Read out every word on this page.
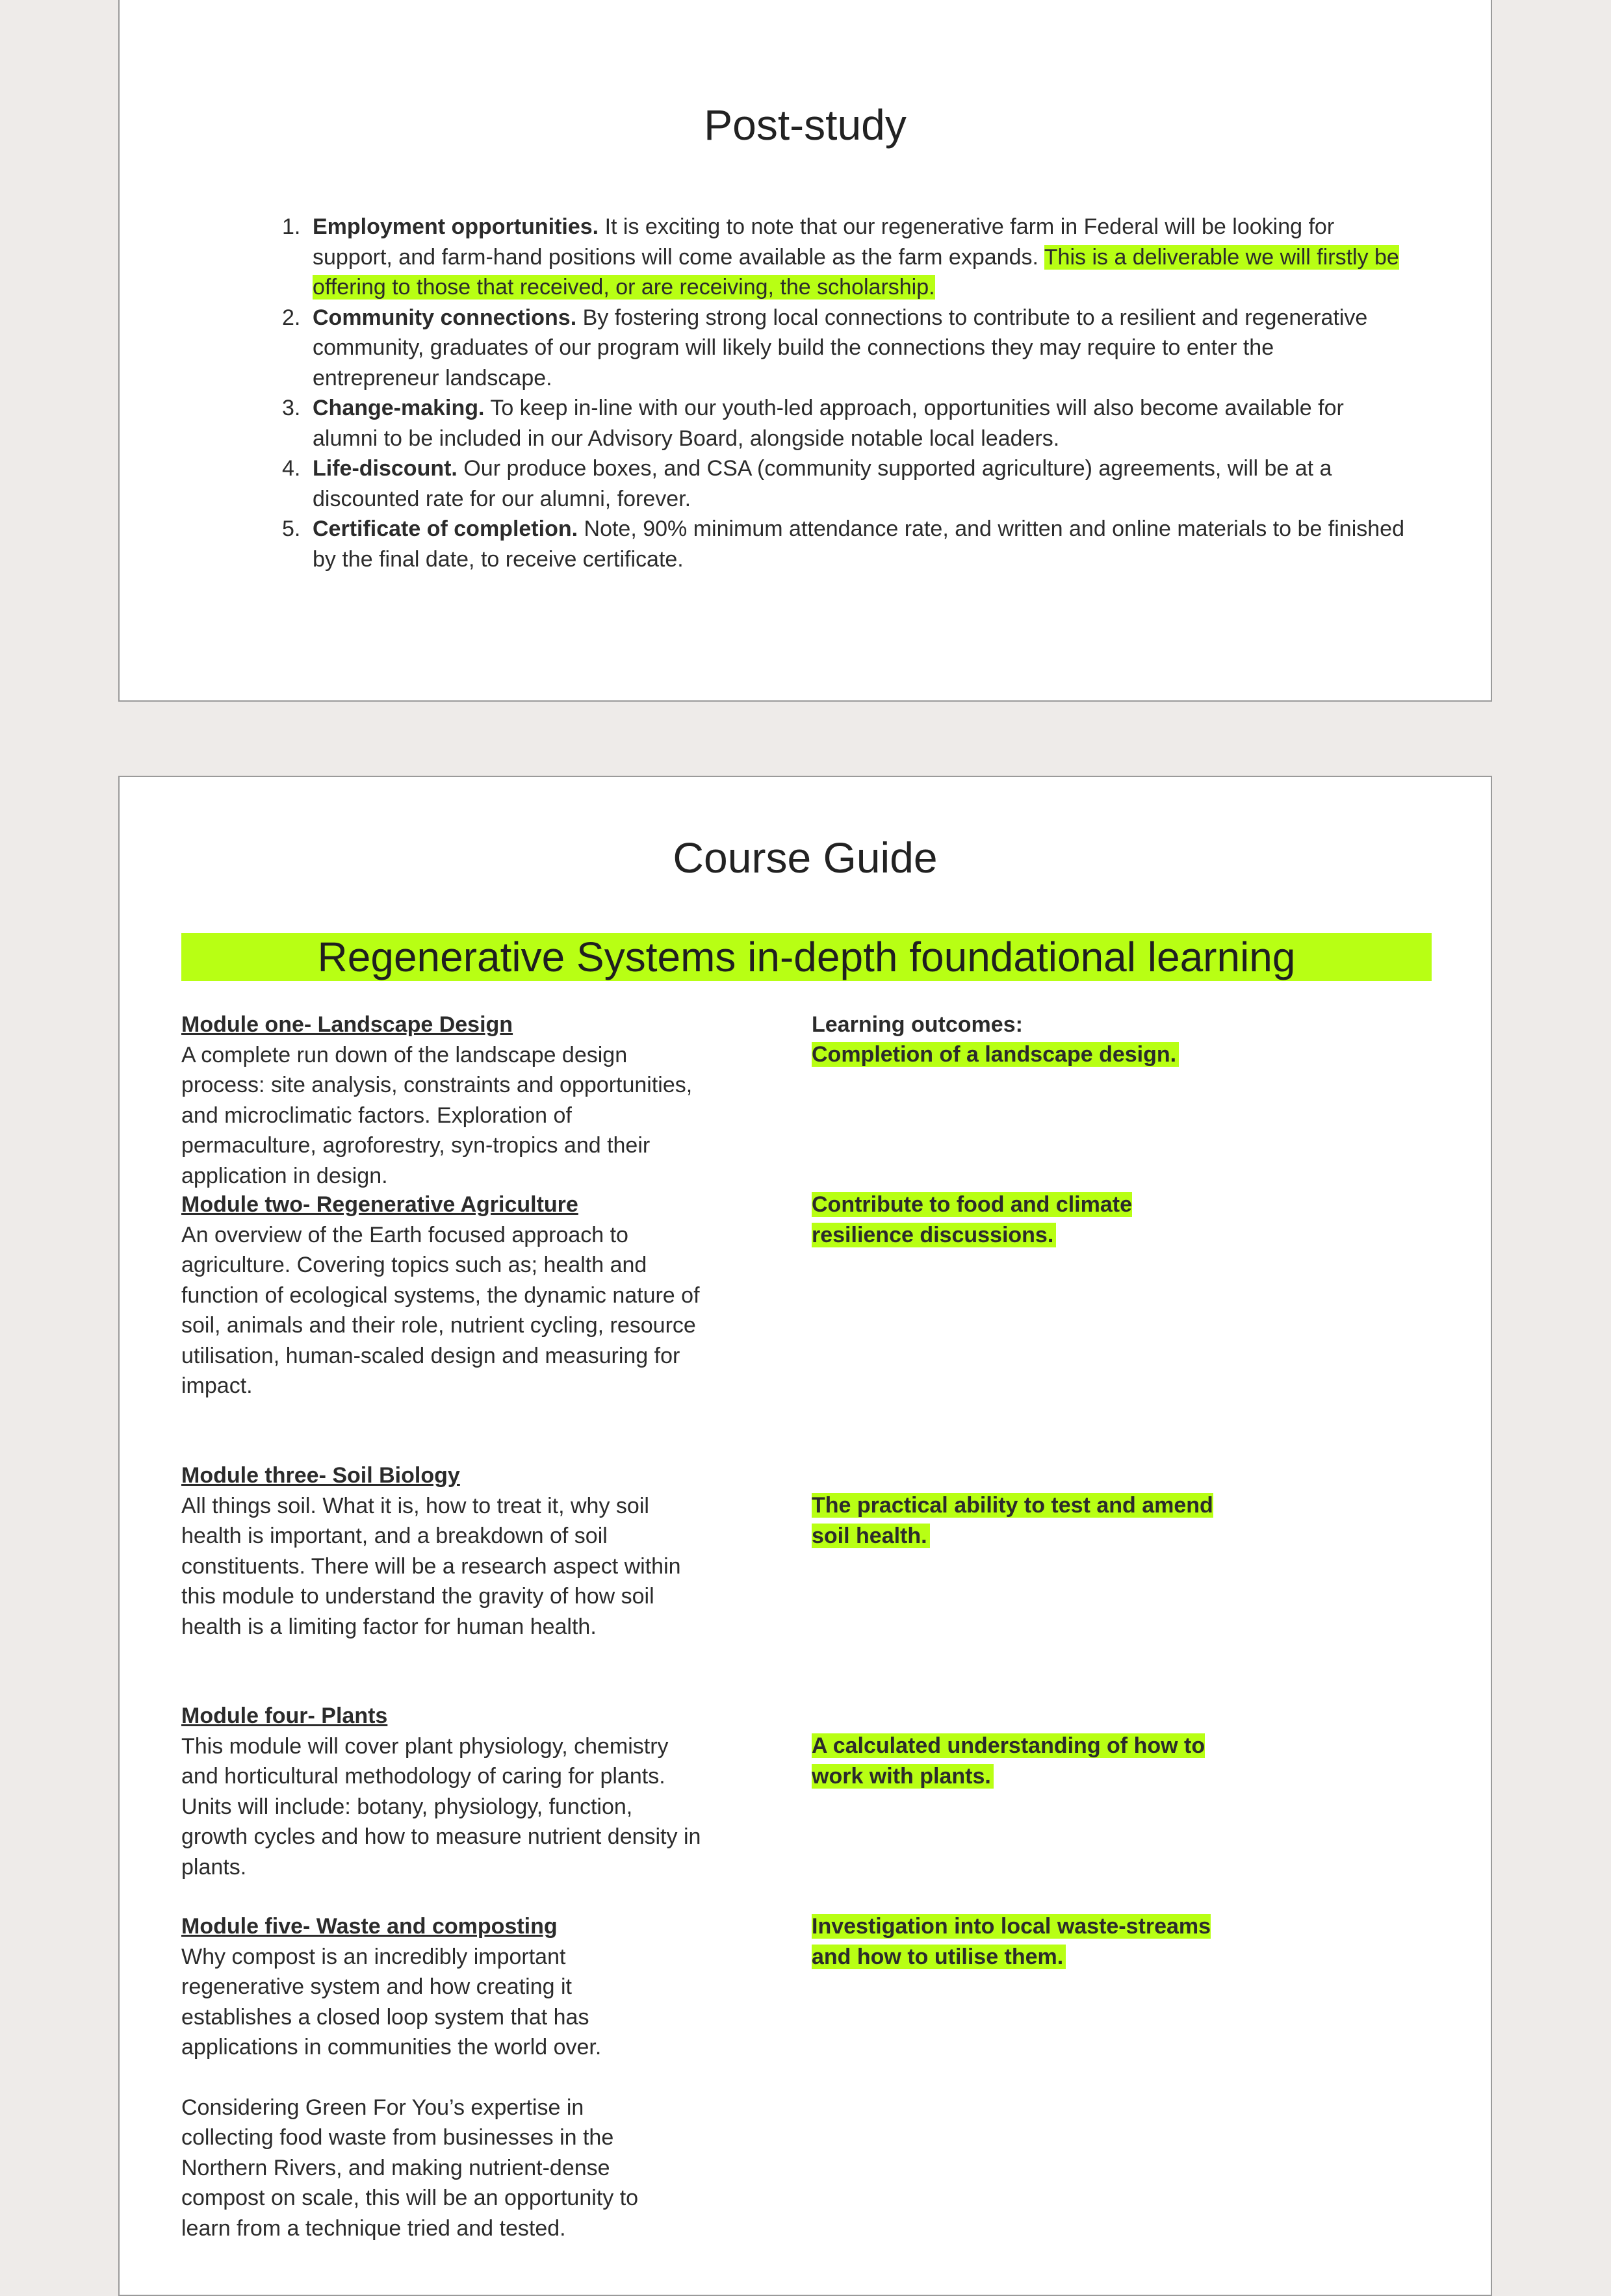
Post-study
Employment opportunities. It is exciting to note that our regenerative farm in Federal will be looking for support, and farm-hand positions will come available as the farm expands. This is a deliverable we will firstly be offering to those that received, or are receiving, the scholarship.
Community connections. By fostering strong local connections to contribute to a resilient and regenerative community, graduates of our program will likely build the connections they may require to enter the entrepreneur landscape.
Change-making. To keep in-line with our youth-led approach, opportunities will also become available for alumni to be included in our Advisory Board, alongside notable local leaders.
Life-discount. Our produce boxes, and CSA (community supported agriculture) agreements, will be at a discounted rate for our alumni, forever.
Certificate of completion. Note, 90% minimum attendance rate, and written and online materials to be finished by the final date, to receive certificate.
Course Guide
Regenerative Systems in-depth foundational learning
Learning outcomes:
Module one- Landscape Design
A complete run down of the landscape design process: site analysis, constraints and opportunities, and microclimatic factors. Exploration of permaculture, agroforestry, syn-tropics and their application in design.
Completion of a landscape design.
Module two- Regenerative Agriculture
An overview of the Earth focused approach to agriculture. Covering topics such as; health and function of ecological systems, the dynamic nature of soil, animals and their role, nutrient cycling, resource utilisation, human-scaled design and measuring for impact.
Contribute to food and climate resilience discussions.
Module three- Soil Biology
All things soil. What it is, how to treat it, why soil health is important, and a breakdown of soil constituents. There will be a research aspect within this module to understand the gravity of how soil health is a limiting factor for human health.
The practical ability to test and amend soil health.
Module four- Plants
This module will cover plant physiology, chemistry and horticultural methodology of caring for plants. Units will include: botany, physiology, function, growth cycles and how to measure nutrient density in plants.
A calculated understanding of how to work with plants.
Module five- Waste and composting
Why compost is an incredibly important regenerative system and how creating it establishes a closed loop system that has applications in communities the world over.
Considering Green For You’s expertise in collecting food waste from businesses in the Northern Rivers, and making nutrient-dense compost on scale, this will be an opportunity to learn from a technique tried and tested.
Investigation into local waste-streams and how to utilise them.
